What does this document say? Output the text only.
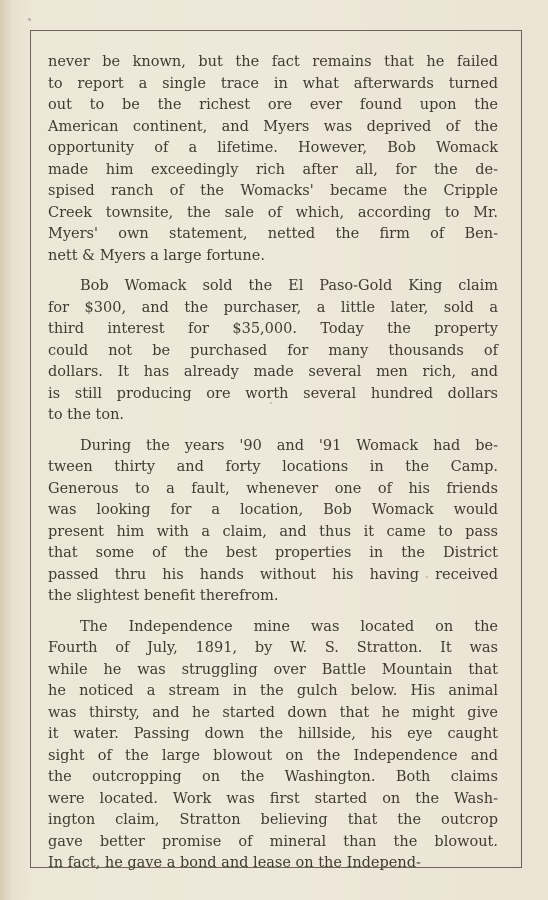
never be known, but the fact remains that he failed
to report a single trace in what afterwards turned
out to be the richest ore ever found upon the
American continent, and Myers was deprived of the
opportunity of a lifetime. However, Bob Womack
made him exceedingly rich after all, for the de-
spised ranch of the Womacks' became the Cripple
Creek townsite, the sale of which, according to Mr.
Myers' own statement, netted the firm of Ben-
nett & Myers a large fortune.
Bob Womack sold the El Paso-Gold King claim
for $300, and the purchaser, a little later, sold a
third interest for $35,000. Today the property
could not be purchased for many thousands of
dollars. It has already made several men rich, and
is still producing ore worth several hundred dollars
to the ton.
During the years '90 and '91 Womack had be-
tween thirty and forty locations in the Camp.
Generous to a fault, whenever one of his friends
was looking for a location, Bob Womack would
present him with a claim, and thus it came to pass
that some of the best properties in the District
passed thru his hands without his having received
the slightest benefit therefrom.
The Independence mine was located on the
Fourth of July, 1891, by W. S. Stratton. It was
while he was struggling over Battle Mountain that
he noticed a stream in the gulch below. His animal
was thirsty, and he started down that he might give
it water. Passing down the hillside, his eye caught
sight of the large blowout on the Independence and
the outcropping on the Washington. Both claims
were located. Work was first started on the Wash-
ington claim, Stratton believing that the outcrop
gave better promise of mineral than the blowout.
In fact, he gave a bond and lease on the Independ-
